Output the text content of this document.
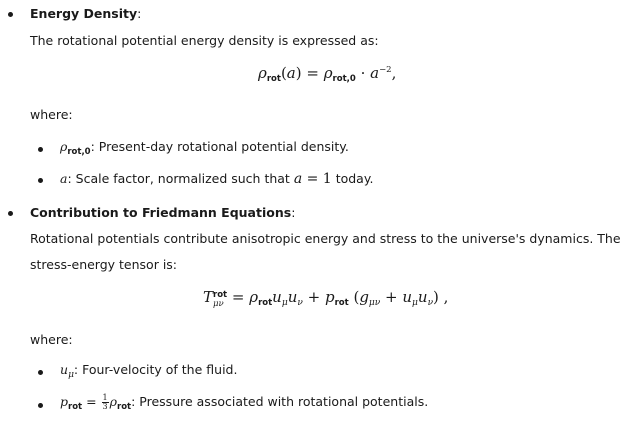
Energy Density:
The rotational potential energy density is expressed as:
$\rho_{rot}(a) = \rho_{rot,0} \cdot a^{-2}$,
where:
$\rho_{rot,0}$: Present-day rotational potential density.
a: Scale factor, normalized such that a = 1 today.
Contribution to Friedmann Equations:
Rotational potentials contribute anisotropic energy and stress to the universe's dynamics. The
stress-energy tensor is:
T rot
$\mu\nu = \rho_{rot}u_\mu u_\nu + p_{rot}$ $(g_{\mu\nu} + u_\mu u_\nu)$ ,
where:
$u_\mu$: Four-velocity of the fluid.
$p_{rot} = \frac{1}{3} \rho_{rot}$: Pressure associated with rotational potentials.
